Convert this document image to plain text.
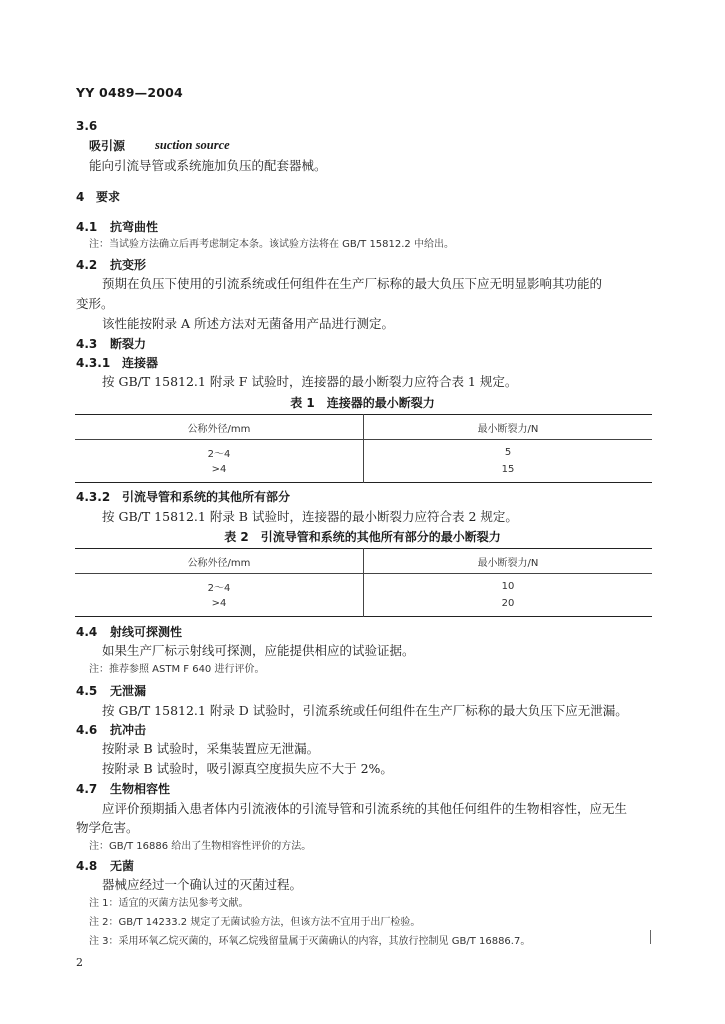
YY 0489—2004
3.6
吸引源 suction source
能向引流导管或系统施加负压的配套器械。
4 要求
4.1 抗弯曲性
注：当试验方法确立后再考虑制定本条。该试验方法将在 GB/T 15812.2 中给出。
4.2 抗变形
预期在负压下使用的引流系统或任何组件在生产厂标称的最大负压下应无明显影响其功能的
变形。
该性能按附录 A 所述方法对无菌备用产品进行测定。
4.3 断裂力
4.3.1 连接器
按 GB/T 15812.1 附录 F 试验时，连接器的最小断裂力应符合表 1 规定。
表 1　连接器的最小断裂力
公称外径/mm	最小断裂力/N
2～4	5
>4	15
4.3.2 引流导管和系统的其他所有部分
按 GB/T 15812.1 附录 B 试验时，连接器的最小断裂力应符合表 2 规定。
表 2　引流导管和系统的其他所有部分的最小断裂力
公称外径/mm	最小断裂力/N
2～4	10
>4	20
4.4 射线可探测性
如果生产厂标示射线可探测，应能提供相应的试验证据。
注：推荐参照 ASTM F 640 进行评价。
4.5 无泄漏
按 GB/T 15812.1 附录 D 试验时，引流系统或任何组件在生产厂标称的最大负压下应无泄漏。
4.6 抗冲击
按附录 B 试验时，采集装置应无泄漏。
按附录 B 试验时，吸引源真空度损失应不大于 2%。
4.7 生物相容性
应评价预期插入患者体内引流液体的引流导管和引流系统的其他任何组件的生物相容性，应无生
物学危害。
注：GB/T 16886 给出了生物相容性评价的方法。
4.8 无菌
器械应经过一个确认过的灭菌过程。
注 1：适宜的灭菌方法见参考文献。
注 2：GB/T 14233.2 规定了无菌试验方法，但该方法不宜用于出厂检验。
注 3：采用环氧乙烷灭菌的，环氧乙烷残留量属于灭菌确认的内容，其放行控制见 GB/T 16886.7。
2
